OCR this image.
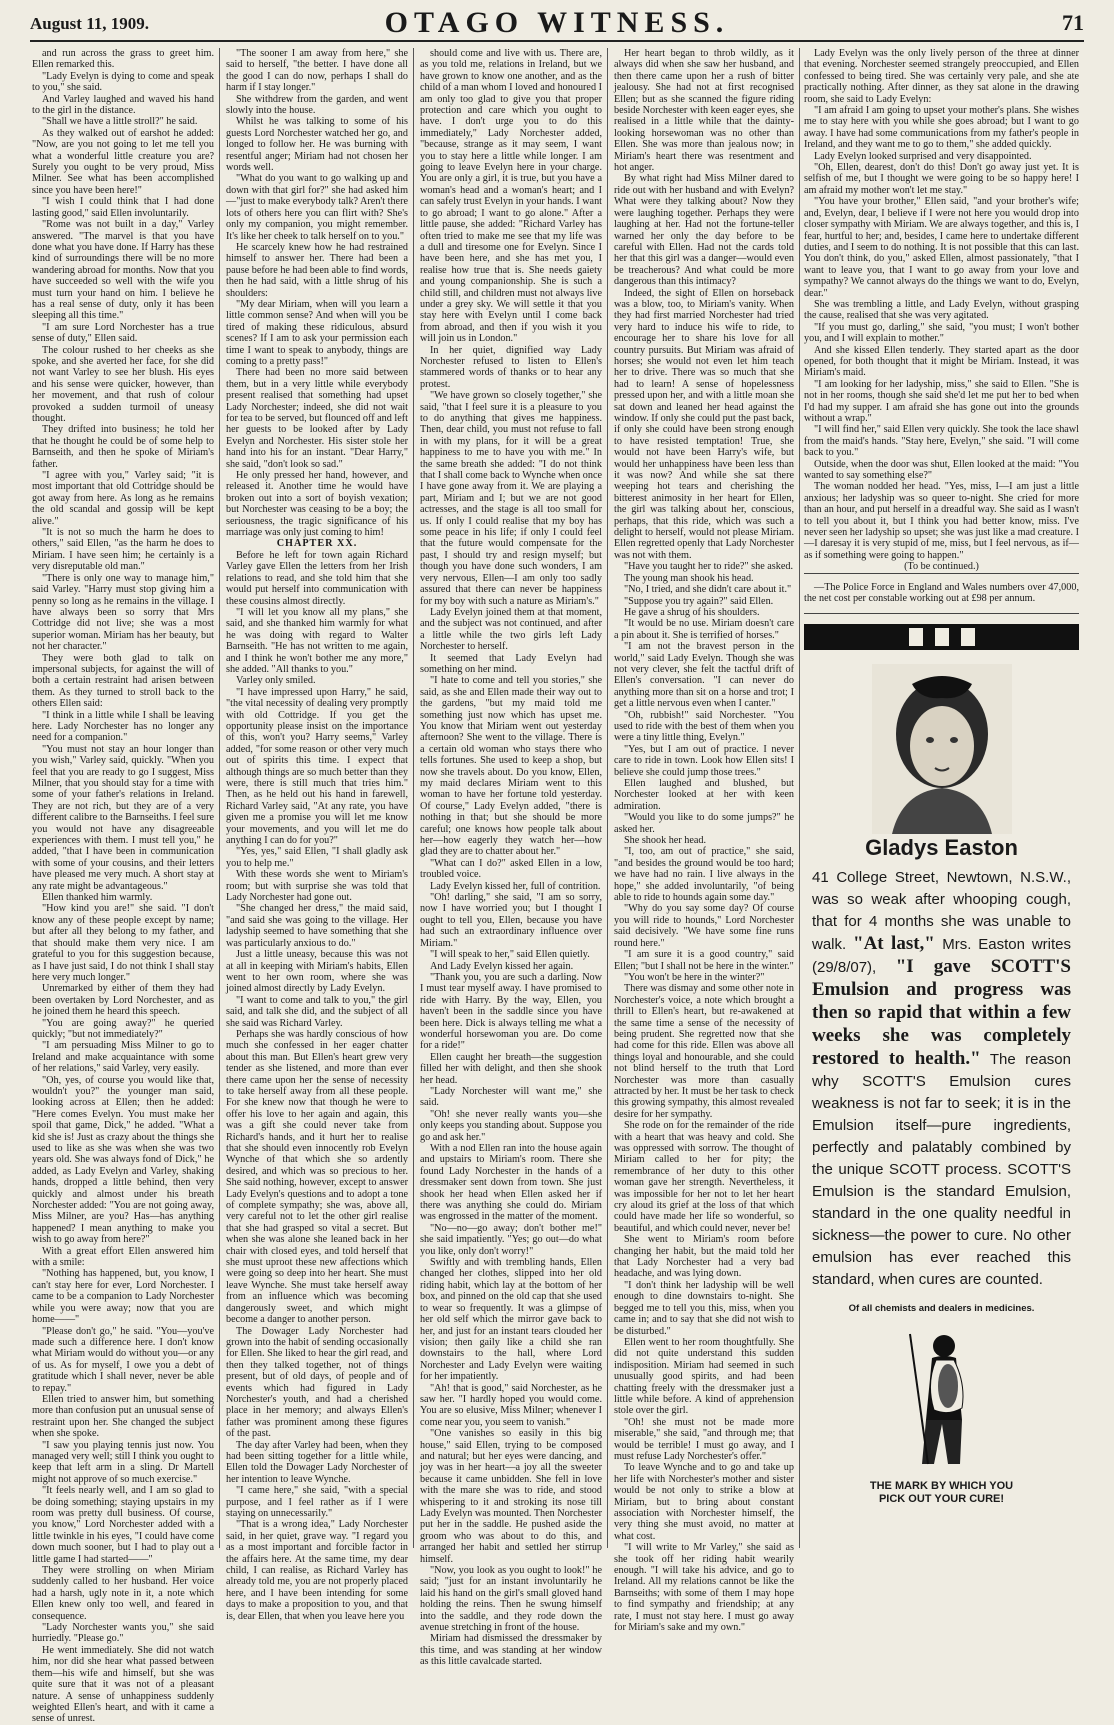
August 11, 1909.	OTAGO WITNESS.	71

and run across the grass to greet him. Ellen remarked this.

"Lady Evelyn is dying to come and speak to you," she said.

And Varley laughed and waved his hand to the girl in the distance.

"Shall we have a little stroll?" he said.

As they walked out of earshot he added: "Now, are you not going to let me tell you what a wonderful little creature you are? Surely you ought to be very proud, Miss Milner. See what has been accomplished since you have been here!"

"I wish I could think that I had done lasting good," said Ellen involuntarily.

"Rome was not built in a day," Varley answered. "The marvel is that you have done what you have done. If Harry has these kind of surroundings there will be no more wandering abroad for months. Now that you have succeeded so well with the wife you must turn your hand on him. I believe he has a real sense of duty, only it has been sleeping all this time."

"I am sure Lord Norchester has a true sense of duty," Ellen said.

The colour rushed to her cheeks as she spoke, and she averted her face, for she did not want Varley to see her blush. His eyes and his sense were quicker, however, than her movement, and that rush of colour provoked a sudden turmoil of uneasy thought.

They drifted into business; he told her that he thought he could be of some help to Barnseith, and then he spoke of Miriam's father.

"I agree with you," Varley said; "it is most important that old Cottridge should be got away from here. As long as he remains the old scandal and gossip will be kept alive."

"It is not so much the harm he does to others," said Ellen, "as the harm he does to Miriam. I have seen him; he certainly is a very disreputable old man."

"There is only one way to manage him," said Varley. "Harry must stop giving him a penny so long as he remains in the village. I have always been so sorry that Mrs Cottridge did not live; she was a most superior woman. Miriam has her beauty, but not her character."

They were both glad to talk on impersonal subjects, for against the will of both a certain restraint had arisen between them. As they turned to stroll back to the others Ellen said:

"I think in a little while I shall be leaving here. Lady Norchester has no longer any need for a companion."

"You must not stay an hour longer than you wish," Varley said, quickly. "When you feel that you are ready to go I suggest, Miss Milner, that you should stay for a time with some of your father's relations in Ireland. They are not rich, but they are of a very different calibre to the Barnseiths. I feel sure you would not have any disagreeable experiences with them. I must tell you," he added, "that I have been in communication with some of your cousins, and their letters have pleased me very much. A short stay at any rate might be advantageous."

Ellen thanked him warmly.

"How kind you are!" she said. "I don't know any of these people except by name; but after all they belong to my father, and that should make them very nice. I am grateful to you for this suggestion because, as I have just said, I do not think I shall stay here very much longer."

Unremarked by either of them they had been overtaken by Lord Norchester, and as he joined them he heard this speech.

"You are going away?" he queried quickly; "but not immediately?"

"I am persuading Miss Milner to go to Ireland and make acquaintance with some of her relations," said Varley, very easily.

"Oh, yes, of course you would like that, wouldn't you?" the younger man said, looking across at Ellen; then he added: "Here comes Evelyn. You must make her spoil that game, Dick," he added. "What a kid she is! Just as crazy about the things she used to like as she was when she was two years old. She was always fond of Dick," he added, as Lady Evelyn and Varley, shaking hands, dropped a little behind, then very quickly and almost under his breath Norchester added: "You are not going away, Miss Milner, are you? Has—has anything happened? I mean anything to make you wish to go away from here?"

With a great effort Ellen answered him with a smile:

"Nothing has happened, but, you know, I can't stay here for ever, Lord Norchester. I came to be a companion to Lady Norchester while you were away; now that you are home——"

"Please don't go," he said. "You—you've made such a difference here. I don't know what Miriam would do without you—or any of us. As for myself, I owe you a debt of gratitude which I shall never, never be able to repay."

Ellen tried to answer him, but something more than confusion put an unusual sense of restraint upon her. She changed the subject when she spoke.

"I saw you playing tennis just now. You managed very well; still I think you ought to keep that left arm in a sling. Dr Martell might not approve of so much exercise."

"It feels nearly well, and I am so glad to be doing something; staying upstairs in my room was pretty dull business. Of course, you know," Lord Norchester added with a little twinkle in his eyes, "I could have come down much sooner, but I had to play out a little game I had started——"

They were strolling on when Miriam suddenly called to her husband. Her voice had a harsh, ugly note in it, a note which Ellen knew only too well, and feared in consequence.

"Lady Norchester wants you," she said hurriedly. "Please go."

He went immediately. She did not watch him, nor did she hear what passed between them—his wife and himself, but she was quite sure that it was not of a pleasant nature. A sense of unhappiness suddenly weighted Ellen's heart, and with it came a sense of unrest.

"The sooner I am away from here," she said to herself, "the better. I have done all the good I can do now, perhaps I shall do harm if I stay longer."

She withdrew from the garden, and went slowly into the house.

Whilst he was talking to some of his guests Lord Norchester watched her go, and longed to follow her. He was burning with resentful anger; Miriam had not chosen her words well.

"What do you want to go walking up and down with that girl for?" she had asked him—"just to make everybody talk? Aren't there lots of others here you can flirt with? She's only my companion, you might remember. It's like her cheek to talk herself on to you."

He scarcely knew how he had restrained himself to answer her. There had been a pause before he had been able to find words, then he had said, with a little shrug of his shoulders:

"My dear Miriam, when will you learn a little common sense? And when will you be tired of making these ridiculous, absurd scenes? If I am to ask your permission each time I want to speak to anybody, things are coming to a pretty pass!"

There had been no more said between them, but in a very little while everybody present realised that something had upset Lady Norchester; indeed, she did not wait for tea to be served, but flounced off and left her guests to be looked after by Lady Evelyn and Norchester. His sister stole her hand into his for an instant. "Dear Harry," she said, "don't look so sad."

He only pressed her hand, however, and released it. Another time he would have broken out into a sort of boyish vexation; but Norchester was ceasing to be a boy; the seriousness, the tragic significance of his marriage was only just coming to him!

CHAPTER XX.

Before he left for town again Richard Varley gave Ellen the letters from her Irish relations to read, and she told him that she would put herself into communication with these cousins almost directly.

"I will let you know all my plans," she said, and she thanked him warmly for what he was doing with regard to Walter Barnseith. "He has not written to me again, and I think he won't bother me any more," she added. "All thanks to you."

Varley only smiled.

"I have impressed upon Harry," he said, "the vital necessity of dealing very promptly with old Cottridge. If you get the opportunity please insist on the importance of this, won't you? Harry seems," Varley added, "for some reason or other very much out of spirits this time. I expect that although things are so much better than they were, there is still much that tries him." Then, as he held out his hand in farewell, Richard Varley said, "At any rate, you have given me a promise you will let me know your movements, and you will let me do anything I can do for you?"

"Yes, yes," said Ellen, "I shall gladly ask you to help me."

With these words she went to Miriam's room; but with surprise she was told that Lady Norchester had gone out.

"She changed her dress," the maid said, "and said she was going to the village. Her ladyship seemed to have something that she was particularly anxious to do."

Just a little uneasy, because this was not at all in keeping with Miriam's habits, Ellen went to her own room, where she was joined almost directly by Lady Evelyn.

"I want to come and talk to you," the girl said, and talk she did, and the subject of all she said was Richard Varley.

Perhaps she was hardly conscious of how much she confessed in her eager chatter about this man. But Ellen's heart grew very tender as she listened, and more than ever there came upon her the sense of necessity to take herself away from all these people. For she knew now that though he were to offer his love to her again and again, this was a gift she could never take from Richard's hands, and it hurt her to realise that she should even innocently rob Evelyn Wynche of that which she so ardently desired, and which was so precious to her. She said nothing, however, except to answer Lady Evelyn's questions and to adopt a tone of complete sympathy; she was, above all, very careful not to let the other girl realise that she had grasped so vital a secret. But when she was alone she leaned back in her chair with closed eyes, and told herself that she must uproot these new affections which were going so deep into her heart. She must leave Wynche. She must take herself away from an influence which was becoming dangerously sweet, and which might become a danger to another person.

The Dowager Lady Norchester had grown into the habit of sending occasionally for Ellen. She liked to hear the girl read, and then they talked together, not of things present, but of old days, of people and of events which had figured in Lady Norchester's youth, and had a cherished place in her memory; and always Ellen's father was prominent among these figures of the past.

The day after Varley had been, when they had been sitting together for a little while, Ellen told the Dowager Lady Norchester of her intention to leave Wynche.

"I came here," she said, "with a special purpose, and I feel rather as if I were staying on unnecessarily."

"That is a wrong idea," Lady Norchester said, in her quiet, grave way. "I regard you as a most important and forcible factor in the affairs here. At the same time, my dear child, I can realise, as Richard Varley has already told me, you are not properly placed here, and I have been intending for some days to make a proposition to you, and that is, dear Ellen, that when you leave here you

should come and live with us. There are, as you told me, relations in Ireland, but we have grown to know one another, and as the child of a man whom I loved and honoured I am only too glad to give you that proper protection and care which you ought to have. I don't urge you to do this immediately," Lady Norchester added, "because, strange as it may seem, I want you to stay here a little while longer. I am going to leave Evelyn here in your charge. You are only a girl, it is true, but you have a woman's head and a woman's heart; and I can safely trust Evelyn in your hands. I want to go abroad; I want to go alone." After a little pause, she added: "Richard Varley has often tried to make me see that my life was a dull and tiresome one for Evelyn. Since I have been here, and she has met you, I realise how true that is. She needs gaiety and young companionship. She is such a child still, and children must not always live under a grey sky. We will settle it that you stay here with Evelyn until I come back from abroad, and then if you wish it you will join us in London."

In her quiet, dignified way Lady Norchester refused to listen to Ellen's stammered words of thanks or to hear any protest.

"We have grown so closely together," she said, "that I feel sure it is a pleasure to you to do anything that gives me happiness. Then, dear child, you must not refuse to fall in with my plans, for it will be a great happiness to me to have you with me." In the same breath she added: "I do not think that I shall come back to Wynche when once I have gone away from it. We are playing a part, Miriam and I; but we are not good actresses, and the stage is all too small for us. If only I could realise that my boy has some peace in his life; if only I could feel that the future would compensate for the past, I should try and resign myself; but though you have done such wonders, I am very nervous, Ellen—I am only too sadly assured that there can never be happiness for my boy with such a nature as Miriam's."

Lady Evelyn joined them at that moment, and the subject was not continued, and after a little while the two girls left Lady Norchester to herself.

It seemed that Lady Evelyn had something on her mind.

"I hate to come and tell you stories," she said, as she and Ellen made their way out to the gardens, "but my maid told me something just now which has upset me. You know that Miriam went out yesterday afternoon? She went to the village. There is a certain old woman who stays there who tells fortunes. She used to keep a shop, but now she travels about. Do you know, Ellen, my maid declares Miriam went to this woman to have her fortune told yesterday. Of course," Lady Evelyn added, "there is nothing in that; but she should be more careful; one knows how people talk about her—how eagerly they watch her—how glad they are to chatter about her."

"What can I do?" asked Ellen in a low, troubled voice.

Lady Evelyn kissed her, full of contrition.

"Oh! darling," she said, "I am so sorry, now I have worried you; but I thought I ought to tell you, Ellen, because you have had such an extraordinary influence over Miriam."

"I will speak to her," said Ellen quietly.

And Lady Evelyn kissed her again.

"Thank you, you are such a darling. Now I must tear myself away. I have promised to ride with Harry. By the way, Ellen, you haven't been in the saddle since you have been here. Dick is always telling me what a wonderful horsewoman you are. Do come for a ride!"

Ellen caught her breath—the suggestion filled her with delight, and then she shook her head.

"Lady Norchester will want me," she said.

"Oh! she never really wants you—she only keeps you standing about. Suppose you go and ask her."

With a nod Ellen ran into the house again and upstairs to Miriam's room. There she found Lady Norchester in the hands of a dressmaker sent down from town. She just shook her head when Ellen asked her if there was anything she could do. Miriam was engrossed in the matter of the moment.

"No—no—go away; don't bother me!" she said impatiently. "Yes; go out—do what you like, only don't worry!"

Swiftly and with trembling hands, Ellen changed her clothes, slipped into her old riding habit, which lay at the bottom of her box, and pinned on the old cap that she used to wear so frequently. It was a glimpse of her old self which the mirror gave back to her, and just for an instant tears clouded her vision; then gaily like a child she ran downstairs to the hall, where Lord Norchester and Lady Evelyn were waiting for her impatiently.

"Ah! that is good," said Norchester, as he saw her. "I hardly hoped you would come. You are so elusive, Miss Milner; whenever I come near you, you seem to vanish."

"One vanishes so easily in this big house," said Ellen, trying to be composed and natural; but her eyes were dancing, and joy was in her heart—a joy all the sweeter because it came unbidden. She fell in love with the mare she was to ride, and stood whispering to it and stroking its nose till Lady Evelyn was mounted. Then Norchester put her in the saddle. He pushed aside the groom who was about to do this, and arranged her habit and settled her stirrup himself.

"Now, you look as you ought to look!" he said; "just for an instant involuntarily he laid his hand on the girl's small gloved hand holding the reins. Then he swung himself into the saddle, and they rode down the avenue stretching in front of the house.

Miriam had dismissed the dressmaker by this time, and was standing at her window as this little cavalcade started.

Her heart began to throb wildly, as it always did when she saw her husband, and then there came upon her a rush of bitter jealousy. She had not at first recognised Ellen; but as she scanned the figure riding beside Norchester with keen eager eyes, she realised in a little while that the dainty-looking horsewoman was no other than Ellen. She was more than jealous now; in Miriam's heart there was resentment and hot anger.

By what right had Miss Milner dared to ride out with her husband and with Evelyn? What were they talking about? Now they were laughing together. Perhaps they were laughing at her. Had not the fortune-teller warned her only the day before to be careful with Ellen. Had not the cards told her that this girl was a danger—would even be treacherous? And what could be more dangerous than this intimacy?

Indeed, the sight of Ellen on horseback was a blow, too, to Miriam's vanity. When they had first married Norchester had tried very hard to induce his wife to ride, to encourage her to share his love for all country pursuits. But Miriam was afraid of horses; she would not even let him teach her to drive. There was so much that she had to learn! A sense of hopelessness pressed upon her, and with a little moan she sat down and leaned her head against the window. If only she could put the past back, if only she could have been strong enough to have resisted temptation! True, she would not have been Harry's wife, but would her unhappiness have been less than it was now? And while she sat there weeping hot tears and cherishing the bitterest animosity in her heart for Ellen, the girl was talking about her, conscious, perhaps, that this ride, which was such a delight to herself, would not please Miriam. Ellen regretted openly that Lady Norchester was not with them.

"Have you taught her to ride?" she asked.

The young man shook his head.

"No, I tried, and she didn't care about it."

"Suppose you try again?" said Ellen.

He gave a shrug of his shoulders.

"It would be no use. Miriam doesn't care a pin about it. She is terrified of horses."

"I am not the bravest person in the world," said Lady Evelyn. Though she was not very clever, she felt the tactful drift of Ellen's conversation. "I can never do anything more than sit on a horse and trot; I get a little nervous even when I canter."

"Oh, rubbish!" said Norchester. "You used to ride with the best of them when you were a tiny little thing, Evelyn."

"Yes, but I am out of practice. I never care to ride in town. Look how Ellen sits! I believe she could jump those trees."

Ellen laughed and blushed, but Norchester looked at her with keen admiration.

"Would you like to do some jumps?" he asked her.

She shook her head.

"I, too, am out of practice," she said, "and besides the ground would be too hard; we have had no rain. I live always in the hope," she added involuntarily, "of being able to ride to hounds again some day."

"Why do you say some day? Of course you will ride to hounds," Lord Norchester said decisively. "We have some fine runs round here."

"I am sure it is a good country," said Ellen; "but I shall not be here in the winter."

"You won't be here in the winter?"

There was dismay and some other note in Norchester's voice, a note which brought a thrill to Ellen's heart, but re-awakened at the same time a sense of the necessity of being prudent. She regretted now that she had come for this ride. Ellen was above all things loyal and honourable, and she could not blind herself to the truth that Lord Norchester was more than casually attracted by her. It must be her task to check this growing sympathy, this almost revealed desire for her sympathy.

She rode on for the remainder of the ride with a heart that was heavy and cold. She was oppressed with sorrow. The thought of Miriam called to her for pity; the remembrance of her duty to this other woman gave her strength. Nevertheless, it was impossible for her not to let her heart cry aloud its grief at the loss of that which could have made her life so wonderful, so beautiful, and which could never, never be!

She went to Miriam's room before changing her habit, but the maid told her that Lady Norchester had a very bad headache, and was lying down.

"I don't think her ladyship will be well enough to dine downstairs to-night. She begged me to tell you this, miss, when you came in; and to say that she did not wish to be disturbed."

Ellen went to her room thoughtfully. She did not quite understand this sudden indisposition. Miriam had seemed in such unusually good spirits, and had been chatting freely with the dressmaker just a little while before. A kind of apprehension stole over the girl.

"Oh! she must not be made more miserable," she said, "and through me; that would be terrible! I must go away, and I must refuse Lady Norchester's offer."

To leave Wynche and to go and take up her life with Norchester's mother and sister would be not only to strike a blow at Miriam, but to bring about constant association with Norchester himself, the very thing she must avoid, no matter at what cost.

"I will write to Mr Varley," she said as she took off her riding habit wearily enough. "I will take his advice, and go to Ireland. All my relations cannot be like the Barnseiths; with some of them I may hope to find sympathy and friendship; at any rate, I must not stay here. I must go away for Miriam's sake and my own."

Lady Evelyn was the only lively person of the three at dinner that evening. Norchester seemed strangely preoccupied, and Ellen confessed to being tired. She was certainly very pale, and she ate practically nothing. After dinner, as they sat alone in the drawing room, she said to Lady Evelyn:

"I am afraid I am going to upset your mother's plans. She wishes me to stay here with you while she goes abroad; but I want to go away. I have had some communications from my father's people in Ireland, and they want me to go to them," she added quickly.

Lady Evelyn looked surprised and very disappointed.

"Oh, Ellen, dearest, don't do this! Don't go away just yet. It is selfish of me, but I thought we were going to be so happy here! I am afraid my mother won't let me stay."

"You have your brother," Ellen said, "and your brother's wife; and, Evelyn, dear, I believe if I were not here you would drop into closer sympathy with Miriam. We are always together, and this is, I fear, hurtful to her; and, besides, I came here to undertake different duties, and I seem to do nothing. It is not possible that this can last. You don't think, do you," asked Ellen, almost passionately, "that I want to leave you, that I want to go away from your love and sympathy? We cannot always do the things we want to do, Evelyn, dear."

She was trembling a little, and Lady Evelyn, without grasping the cause, realised that she was very agitated.

"If you must go, darling," she said, "you must; I won't bother you, and I will explain to mother."

And she kissed Ellen tenderly. They started apart as the door opened, for both thought that it might be Miriam. Instead, it was Miriam's maid.

"I am looking for her ladyship, miss," she said to Ellen. "She is not in her rooms, though she said she'd let me put her to bed when I'd had my supper. I am afraid she has gone out into the grounds without a wrap."

"I will find her," said Ellen very quickly. She took the lace shawl from the maid's hands. "Stay here, Evelyn," she said. "I will come back to you."

Outside, when the door was shut, Ellen looked at the maid: "You wanted to say something else?"

The woman nodded her head. "Yes, miss, I—I am just a little anxious; her ladyship was so queer to-night. She cried for more than an hour, and put herself in a dreadful way. She said as I wasn't to tell you about it, but I think you had better know, miss. I've never seen her ladyship so upset; she was just like a mad creature. I—I daresay it is very stupid of me, miss, but I feel nervous, as if—as if something were going to happen."

(To be continued.)

—The Police Force in England and Wales numbers over 47,000, the net cost per constable working out at £98 per annum.

Gladys Easton

41 College Street, Newtown, N.S.W., was so weak after whooping cough, that for 4 months she was unable to walk. "At last," Mrs. Easton writes (29/8/07), "I gave SCOTT'S Emulsion and progress was then so rapid that within a few weeks she was completely restored to health." The reason why SCOTT'S Emulsion cures weakness is not far to seek; it is in the Emulsion itself—pure ingredients, perfectly and palatably combined by the unique SCOTT process. SCOTT'S Emulsion is the standard Emulsion, standard in the one quality needful in sickness—the power to cure. No other emulsion has ever reached this standard, when cures are counted.

Of all chemists and dealers in medicines.
THE MARK BY WHICH YOU
PICK OUT YOUR CURE!
